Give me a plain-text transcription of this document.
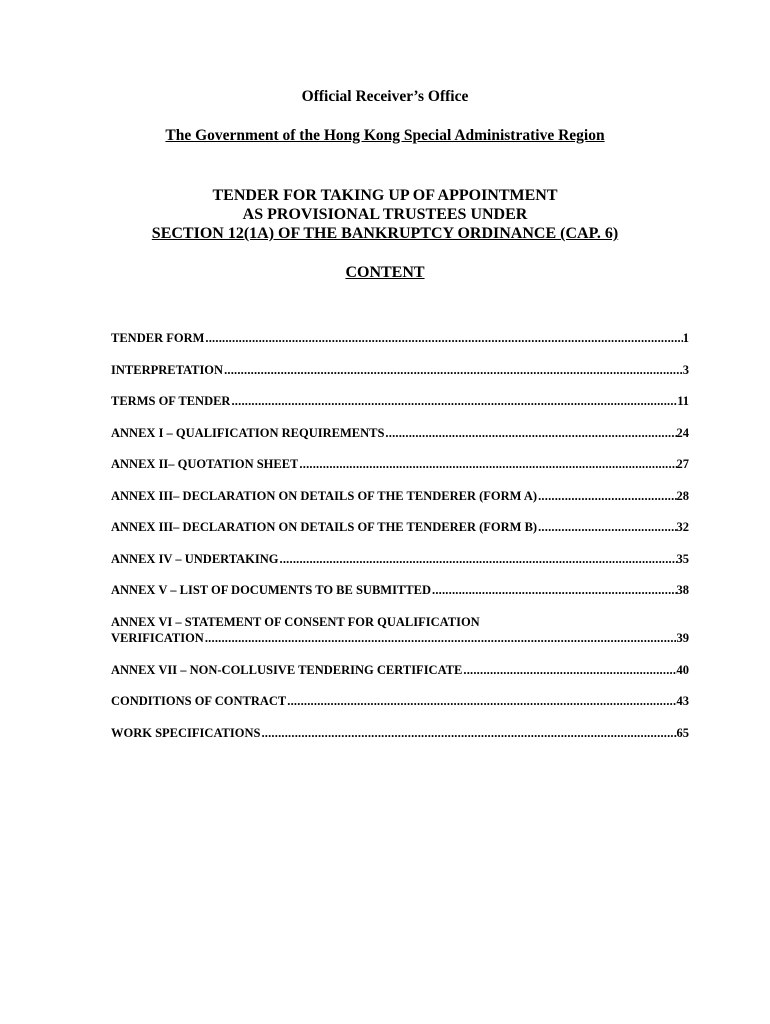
Official Receiver’s Office
The Government of the Hong Kong Special Administrative Region
TENDER FOR TAKING UP OF APPOINTMENT
AS PROVISIONAL TRUSTEES UNDER
SECTION 12(1A) OF THE BANKRUPTCY ORDINANCE (CAP. 6)
CONTENT
TENDER FORM .....	1
INTERPRETATION .....	3
TERMS OF TENDER .....	11
ANNEX I – QUALIFICATION REQUIREMENTS .....	24
ANNEX II– QUOTATION SHEET .....	27
ANNEX III– DECLARATION ON DETAILS OF THE TENDERER (FORM A) .....	28
ANNEX III– DECLARATION ON DETAILS OF THE TENDERER (FORM B) .....	32
ANNEX IV – UNDERTAKING .....	35
ANNEX V – LIST OF DOCUMENTS TO BE SUBMITTED .....	38
ANNEX VI – STATEMENT OF CONSENT FOR QUALIFICATION
VERIFICATION .....	39
ANNEX VII – NON-COLLUSIVE TENDERING CERTIFICATE .....	40
CONDITIONS OF CONTRACT .....	43
WORK SPECIFICATIONS .....	65
